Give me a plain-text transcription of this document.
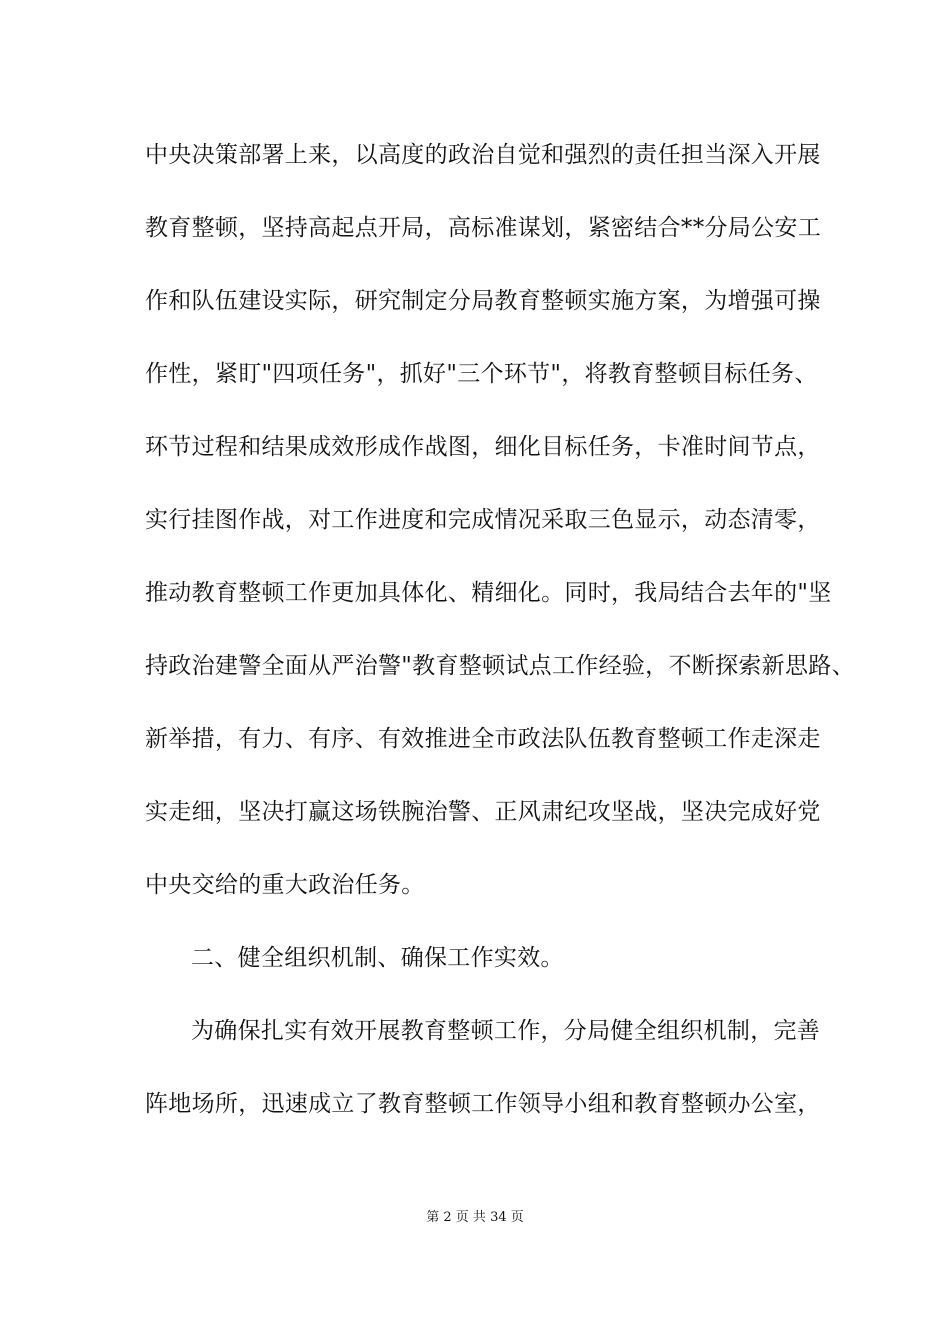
中央决策部署上来，以高度的政治自觉和强烈的责任担当深入开展
教育整顿，坚持高起点开局，高标准谋划，紧密结合**分局公安工
作和队伍建设实际，研究制定分局教育整顿实施方案，为增强可操
作性，紧盯"四项任务"，抓好"三个环节"，将教育整顿目标任务、
环节过程和结果成效形成作战图，细化目标任务，卡准时间节点，
实行挂图作战，对工作进度和完成情况采取三色显示，动态清零，
推动教育整顿工作更加具体化、精细化。同时，我局结合去年的"坚
持政治建警全面从严治警"教育整顿试点工作经验，不断探索新思路、
新举措，有力、有序、有效推进全市政法队伍教育整顿工作走深走
实走细，坚决打赢这场铁腕治警、正风肃纪攻坚战，坚决完成好党
中央交给的重大政治任务。
二、健全组织机制、确保工作实效。
为确保扎实有效开展教育整顿工作，分局健全组织机制，完善
阵地场所，迅速成立了教育整顿工作领导小组和教育整顿办公室，
第 2 页 共 34 页
